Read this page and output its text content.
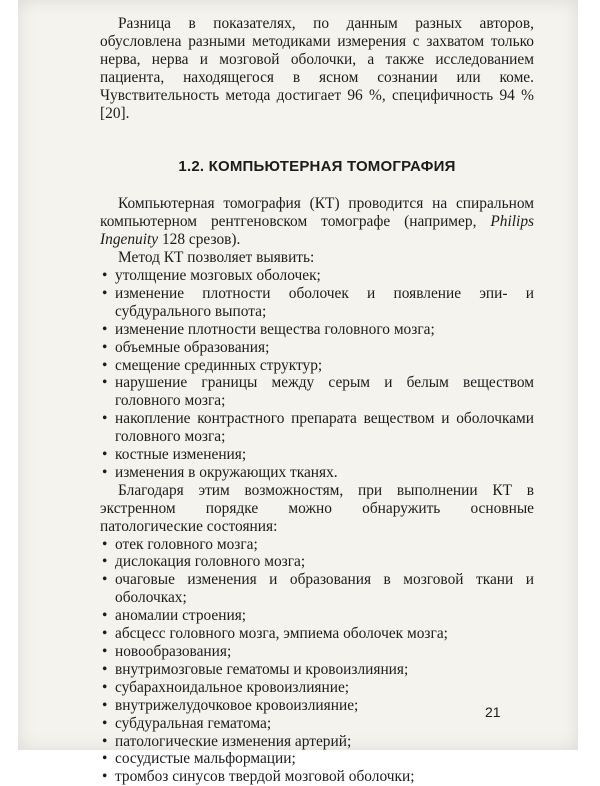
Разница в показателях, по данным разных авторов, обусловлена разными методиками измерения с захватом только нерва, нерва и мозговой оболочки, а также исследованием пациента, находящегося в ясном сознании или коме. Чувствительность метода достигает 96 %, специфичность 94 % [20].

1.2. КОМПЬЮТЕРНАЯ ТОМОГРАФИЯ

Компьютерная томография (КТ) проводится на спиральном компьютерном рентгеновском томографе (например, Philips Ingenuity 128 срезов).

Метод КТ позволяет выявить:

• утолщение мозговых оболочек;
• изменение плотности оболочек и появление эпи- и субдурального выпота;
• изменение плотности вещества головного мозга;
• объемные образования;
• смещение срединных структур;
• нарушение границы между серым и белым веществом головного мозга;
• накопление контрастного препарата веществом и оболочками головного мозга;
• костные изменения;
• изменения в окружающих тканях.

Благодаря этим возможностям, при выполнении КТ в экстренном порядке можно обнаружить основные патологические состояния:

• отек головного мозга;
• дислокация головного мозга;
• очаговые изменения и образования в мозговой ткани и оболочках;
• аномалии строения;
• абсцесс головного мозга, эмпиема оболочек мозга;
• новообразования;
• внутримозговые гематомы и кровоизлияния;
• субарахноидальное кровоизлияние;
• внутрижелудочковое кровоизлияние;
• субдуральная гематома;
• патологические изменения артерий;
• сосудистые мальформации;
• тромбоз синусов твердой мозговой оболочки;
21
